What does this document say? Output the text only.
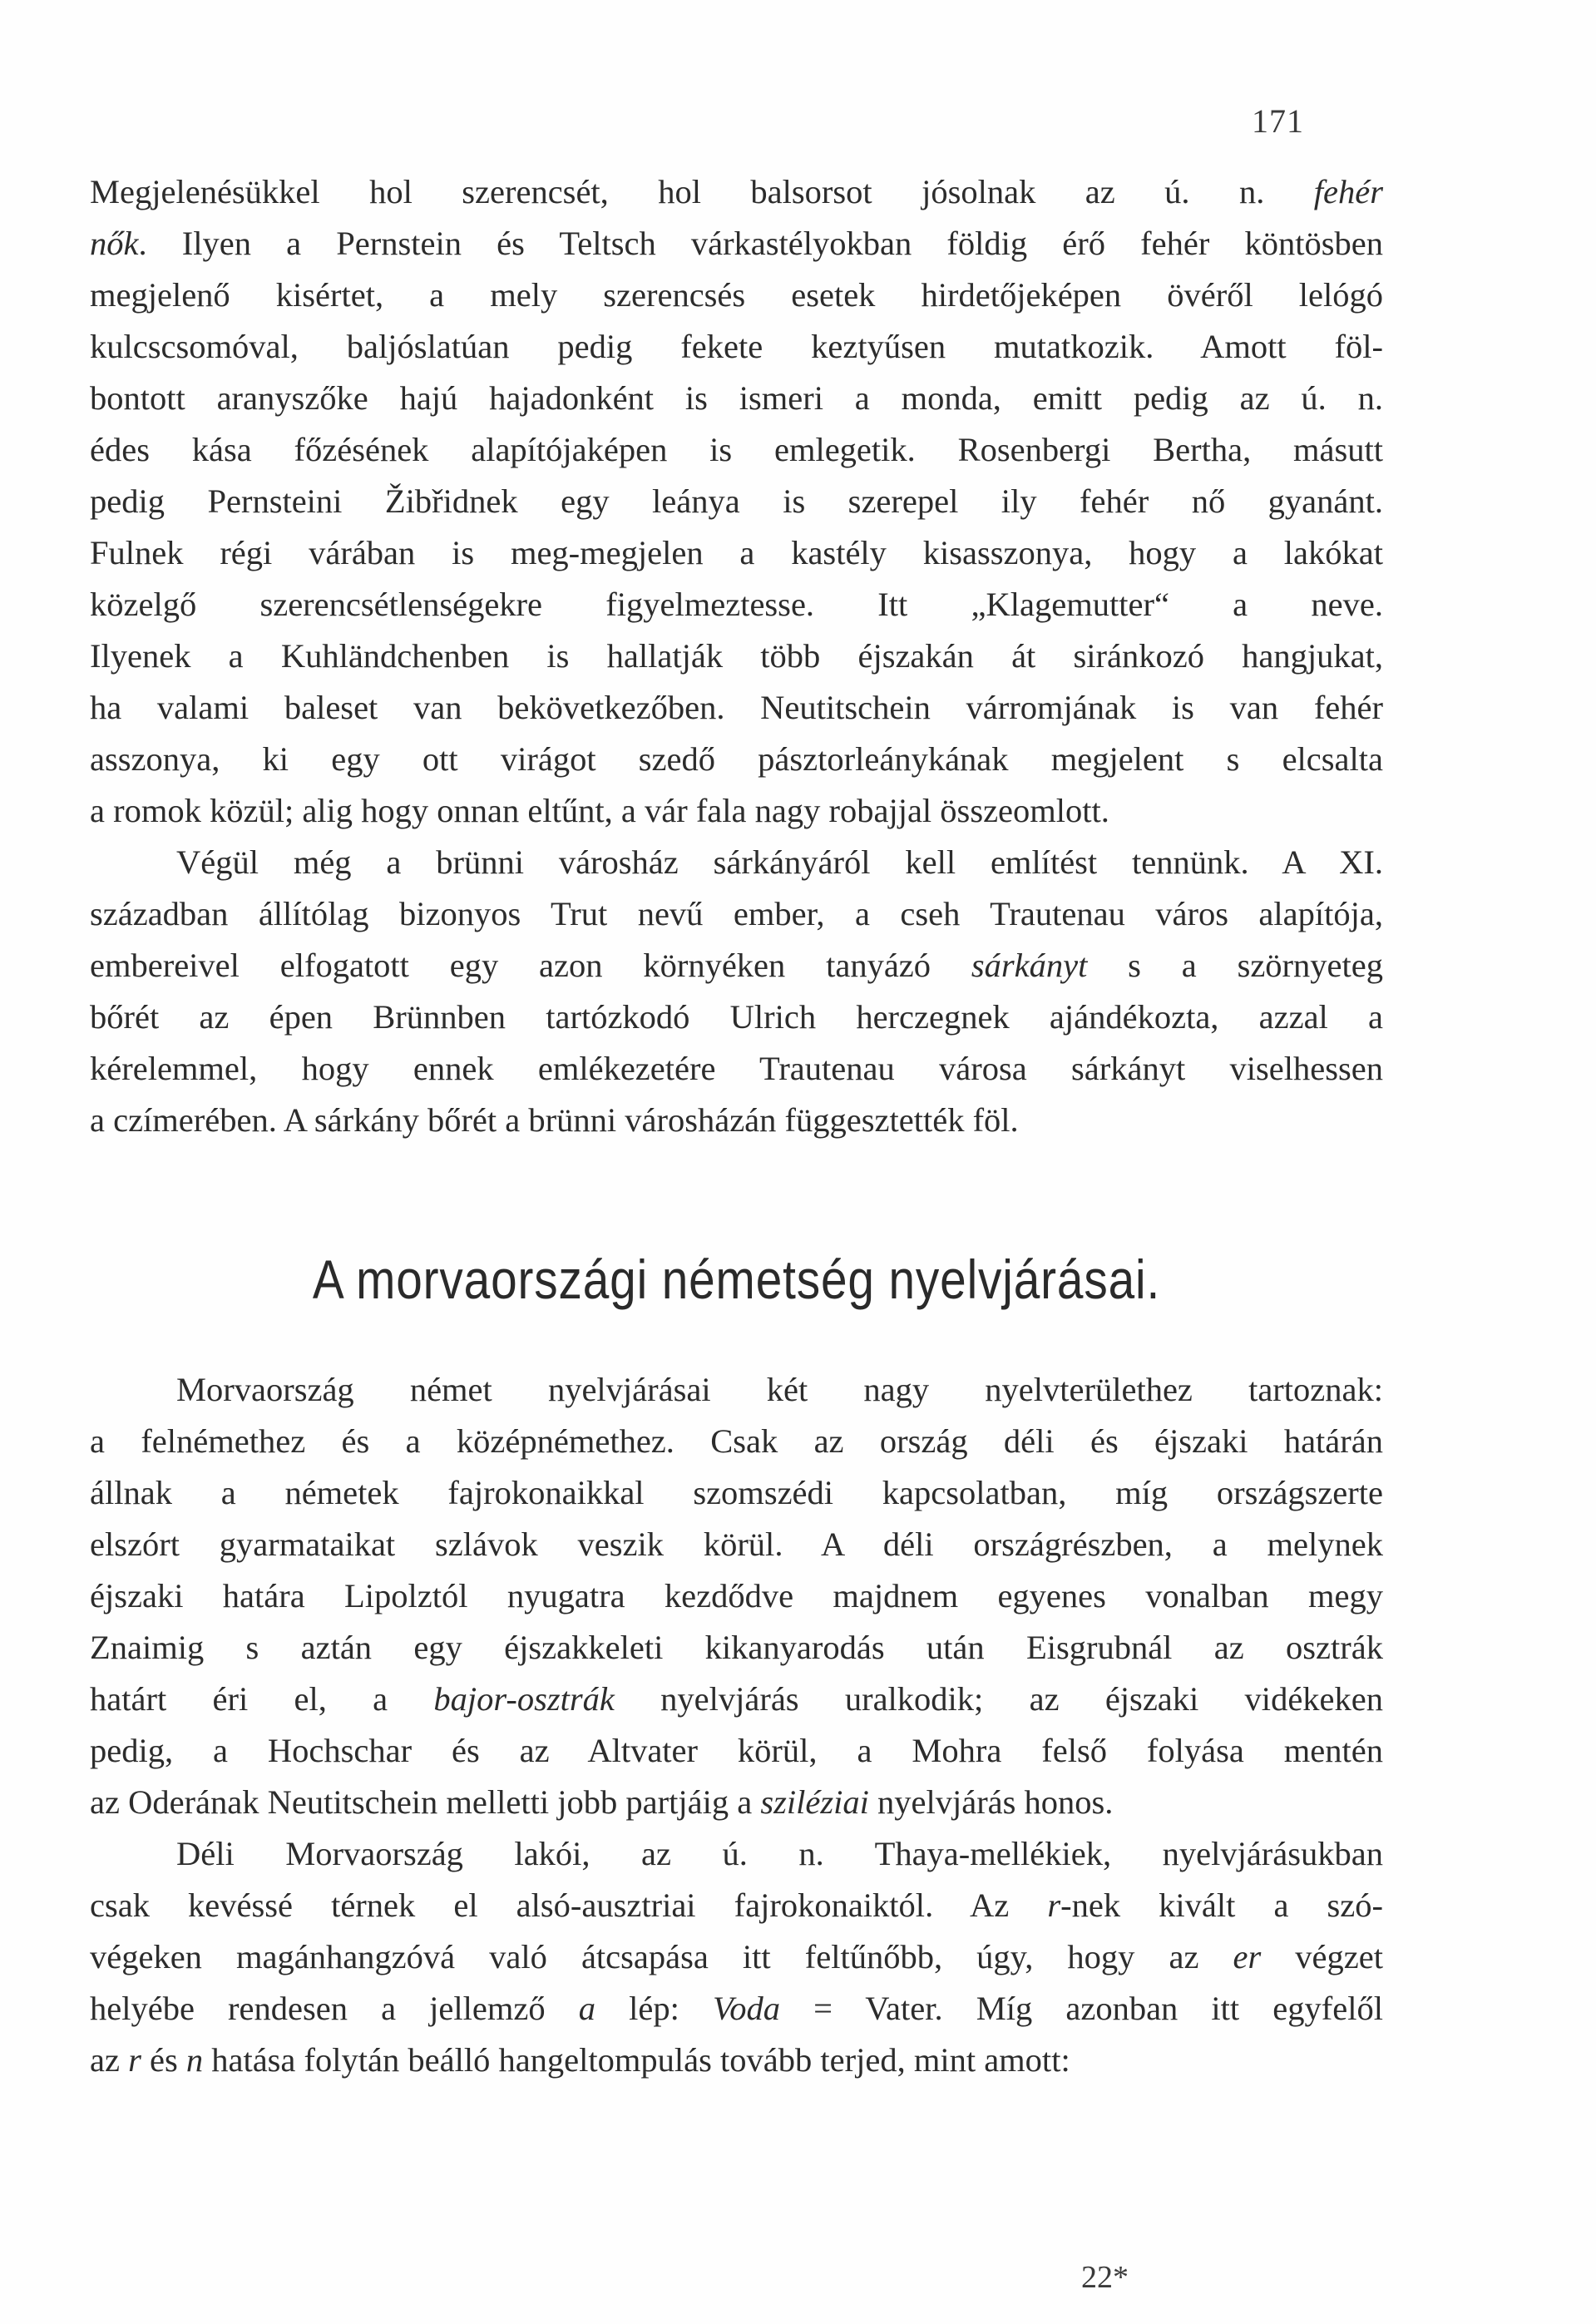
171
Megjelenésükkel hol szerencsét, hol balsorsot jósolnak az ú. n. fehér
nők. Ilyen a Pernstein és Teltsch várkastélyokban földig érő fehér köntösben
megjelenő kisértet, a mely szerencsés esetek hirdetőjeképen övéről lelógó
kulcscsomóval, baljóslatúan pedig fekete keztyűsen mutatkozik. Amott föl-
bontott aranyszőke hajú hajadonként is ismeri a monda, emitt pedig az ú. n.
édes kása főzésének alapítójaképen is emlegetik. Rosenbergi Bertha, másutt
pedig Pernsteini Žibřidnek egy leánya is szerepel ily fehér nő gyanánt.
Fulnek régi várában is meg-megjelen a kastély kisasszonya, hogy a lakókat
közelgő szerencsétlenségekre figyelmeztesse. Itt „Klagemutter“ a neve.
Ilyenek a Kuhländchenben is hallatják több éjszakán át siránkozó hangjukat,
ha valami baleset van bekövetkezőben. Neutitschein várromjának is van fehér
asszonya, ki egy ott virágot szedő pásztorleánykának megjelent s elcsalta
a romok közül; alig hogy onnan eltűnt, a vár fala nagy robajjal összeomlott.
Végül még a brünni városház sárkányáról kell említést tennünk. A XI.
században állítólag bizonyos Trut nevű ember, a cseh Trautenau város alapítója,
embereivel elfogatott egy azon környéken tanyázó sárkányt s a szörnyeteg
bőrét az épen Brünnben tartózkodó Ulrich herczegnek ajándékozta, azzal a
kérelemmel, hogy ennek emlékezetére Trautenau városa sárkányt viselhessen
a czímerében. A sárkány bőrét a brünni városházán függesztették föl.
A morvaországi németség nyelvjárásai.
Morvaország német nyelvjárásai két nagy nyelvterülethez tartoznak:
a felnémethez és a középnémethez. Csak az ország déli és éjszaki határán
állnak a németek fajrokonaikkal szomszédi kapcsolatban, míg országszerte
elszórt gyarmataikat szlávok veszik körül. A déli országrészben, a melynek
éjszaki határa Lipolztól nyugatra kezdődve majdnem egyenes vonalban megy
Znaimig s aztán egy éjszakkeleti kikanyarodás után Eisgrubnál az osztrák
határt éri el, a bajor-osztrák nyelvjárás uralkodik; az éjszaki vidékeken
pedig, a Hochschar és az Altvater körül, a Mohra felső folyása mentén
az Oderának Neutitschein melletti jobb partjáig a sziléziai nyelvjárás honos.
Déli Morvaország lakói, az ú. n. Thaya-mellékiek, nyelvjárásukban
csak kevéssé térnek el alsó-ausztriai fajrokonaiktól. Az r-nek kivált a szó-
végeken magánhangzóvá való átcsapása itt feltűnőbb, úgy, hogy az er végzet
helyébe rendesen a jellemző a lép: Voda = Vater. Míg azonban itt egyfelől
az r és n hatása folytán beálló hangeltompulás tovább terjed, mint amott:
22*
